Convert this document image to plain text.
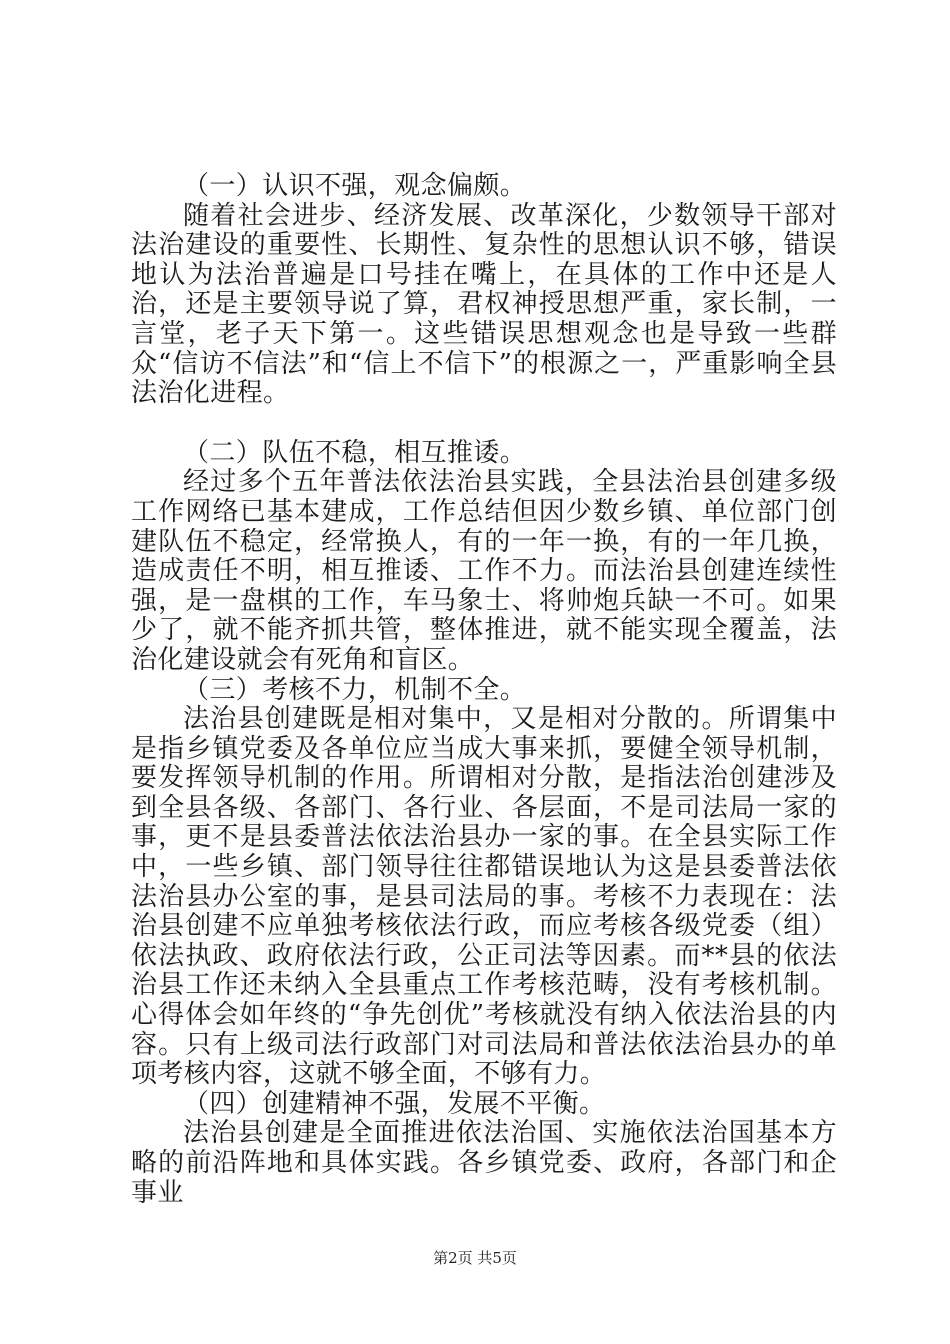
（一）认识不强，观念偏颇。

随着社会进步、经济发展、改革深化，少数领导干部对法治建设的重要性、长期性、复杂性的思想认识不够，错误地认为法治普遍是口号挂在嘴上，在具体的工作中还是人治，还是主要领导说了算，君权神授思想严重，家长制，一言堂，老子天下第一。这些错误思想观念也是导致一些群众“信访不信法”和“信上不信下”的根源之一，严重影响全县法治化进程。

（二）队伍不稳，相互推诿。

经过多个五年普法依法治县实践，全县法治县创建多级工作网络已基本建成，工作总结但因少数乡镇、单位部门创建队伍不稳定，经常换人，有的一年一换，有的一年几换，造成责任不明，相互推诿、工作不力。而法治县创建连续性强，是一盘棋的工作，车马象士、将帅炮兵缺一不可。如果少了，就不能齐抓共管，整体推进，就不能实现全覆盖，法治化建设就会有死角和盲区。

（三）考核不力，机制不全。

法治县创建既是相对集中，又是相对分散的。所谓集中是指乡镇党委及各单位应当成大事来抓，要健全领导机制，要发挥领导机制的作用。所谓相对分散，是指法治创建涉及到全县各级、各部门、各行业、各层面，不是司法局一家的事，更不是县委普法依法治县办一家的事。在全县实际工作中，一些乡镇、部门领导往往都错误地认为这是县委普法依法治县办公室的事，是县司法局的事。考核不力表现在：法治县创建不应单独考核依法行政，而应考核各级党委（组）依法执政、政府依法行政，公正司法等因素。而**县的依法治县工作还未纳入全县重点工作考核范畴，没有考核机制。心得体会如年终的“争先创优”考核就没有纳入依法治县的内容。只有上级司法行政部门对司法局和普法依法治县办的单项考核内容，这就不够全面，不够有力。

（四）创建精神不强，发展不平衡。

法治县创建是全面推进依法治国、实施依法治国基本方略的前沿阵地和具体实践。各乡镇党委、政府，各部门和企事业

第2页 共5页
